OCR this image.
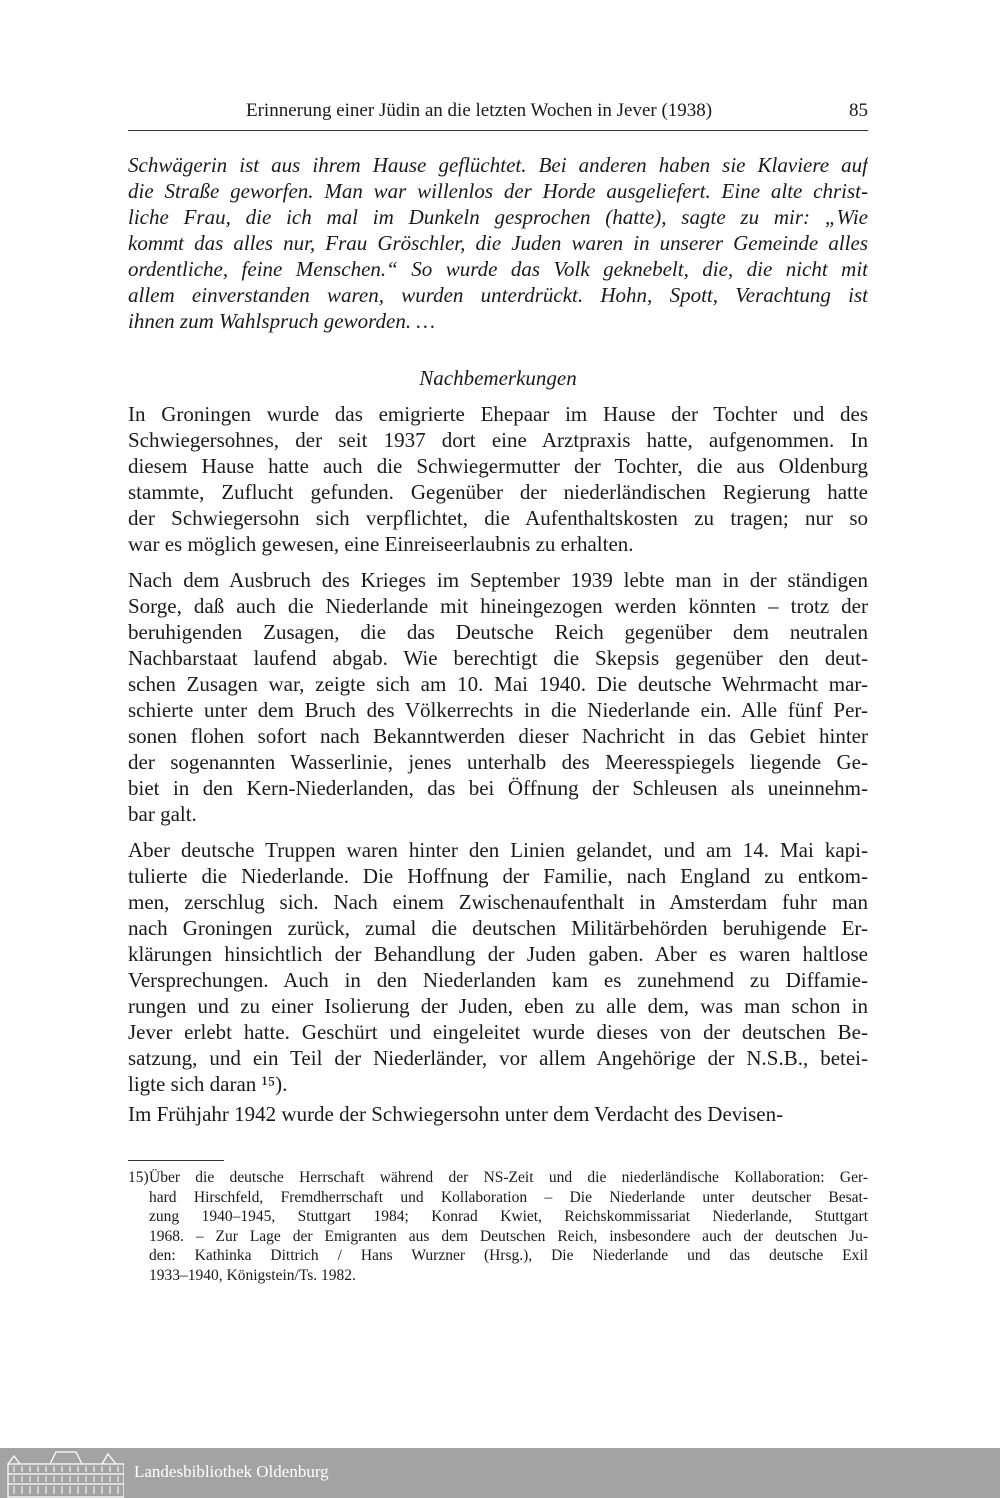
Erinnerung einer Jüdin an die letzten Wochen in Jever (1938)	85
Schwägerin ist aus ihrem Hause geflüchtet. Bei anderen haben sie Klaviere auf
die Straße geworfen. Man war willenlos der Horde ausgeliefert. Eine alte christ-
liche Frau, die ich mal im Dunkeln gesprochen (hatte), sagte zu mir: „Wie
kommt das alles nur, Frau Gröschler, die Juden waren in unserer Gemeinde alles
ordentliche, feine Menschen.“ So wurde das Volk geknebelt, die, die nicht mit
allem einverstanden waren, wurden unterdrückt. Hohn, Spott, Verachtung ist
ihnen zum Wahlspruch geworden. …
Nachbemerkungen
In Groningen wurde das emigrierte Ehepaar im Hause der Tochter und des
Schwiegersohnes, der seit 1937 dort eine Arztpraxis hatte, aufgenommen. In
diesem Hause hatte auch die Schwiegermutter der Tochter, die aus Oldenburg
stammte, Zuflucht gefunden. Gegenüber der niederländischen Regierung hatte
der Schwiegersohn sich verpflichtet, die Aufenthaltskosten zu tragen; nur so
war es möglich gewesen, eine Einreiseerlaubnis zu erhalten.
Nach dem Ausbruch des Krieges im September 1939 lebte man in der ständigen
Sorge, daß auch die Niederlande mit hineingezogen werden könnten – trotz der
beruhigenden Zusagen, die das Deutsche Reich gegenüber dem neutralen
Nachbarstaat laufend abgab. Wie berechtigt die Skepsis gegenüber den deut-
schen Zusagen war, zeigte sich am 10. Mai 1940. Die deutsche Wehrmacht mar-
schierte unter dem Bruch des Völkerrechts in die Niederlande ein. Alle fünf Per-
sonen flohen sofort nach Bekanntwerden dieser Nachricht in das Gebiet hinter
der sogenannten Wasserlinie, jenes unterhalb des Meeresspiegels liegende Ge-
biet in den Kern-Niederlanden, das bei Öffnung der Schleusen als uneinnehm-
bar galt.
Aber deutsche Truppen waren hinter den Linien gelandet, und am 14. Mai kapi-
tulierte die Niederlande. Die Hoffnung der Familie, nach England zu entkom-
men, zerschlug sich. Nach einem Zwischenaufenthalt in Amsterdam fuhr man
nach Groningen zurück, zumal die deutschen Militärbehörden beruhigende Er-
klärungen hinsichtlich der Behandlung der Juden gaben. Aber es waren haltlose
Versprechungen. Auch in den Niederlanden kam es zunehmend zu Diffamie-
rungen und zu einer Isolierung der Juden, eben zu alle dem, was man schon in
Jever erlebt hatte. Geschürt und eingeleitet wurde dieses von der deutschen Be-
satzung, und ein Teil der Niederländer, vor allem Angehörige der N.S.B., betei-
ligte sich daran ¹⁵).
Im Frühjahr 1942 wurde der Schwiegersohn unter dem Verdacht des Devisen-
15) Über die deutsche Herrschaft während der NS-Zeit und die niederländische Kollaboration: Ger-
hard Hirschfeld, Fremdherrschaft und Kollaboration – Die Niederlande unter deutscher Besat-
zung 1940–1945, Stuttgart 1984; Konrad Kwiet, Reichskommissariat Niederlande, Stuttgart
1968. – Zur Lage der Emigranten aus dem Deutschen Reich, insbesondere auch der deutschen Ju-
den: Kathinka Dittrich / Hans Wurzner (Hrsg.), Die Niederlande und das deutsche Exil
1933–1940, Königstein/Ts. 1982.
Landesbibliothek Oldenburg
